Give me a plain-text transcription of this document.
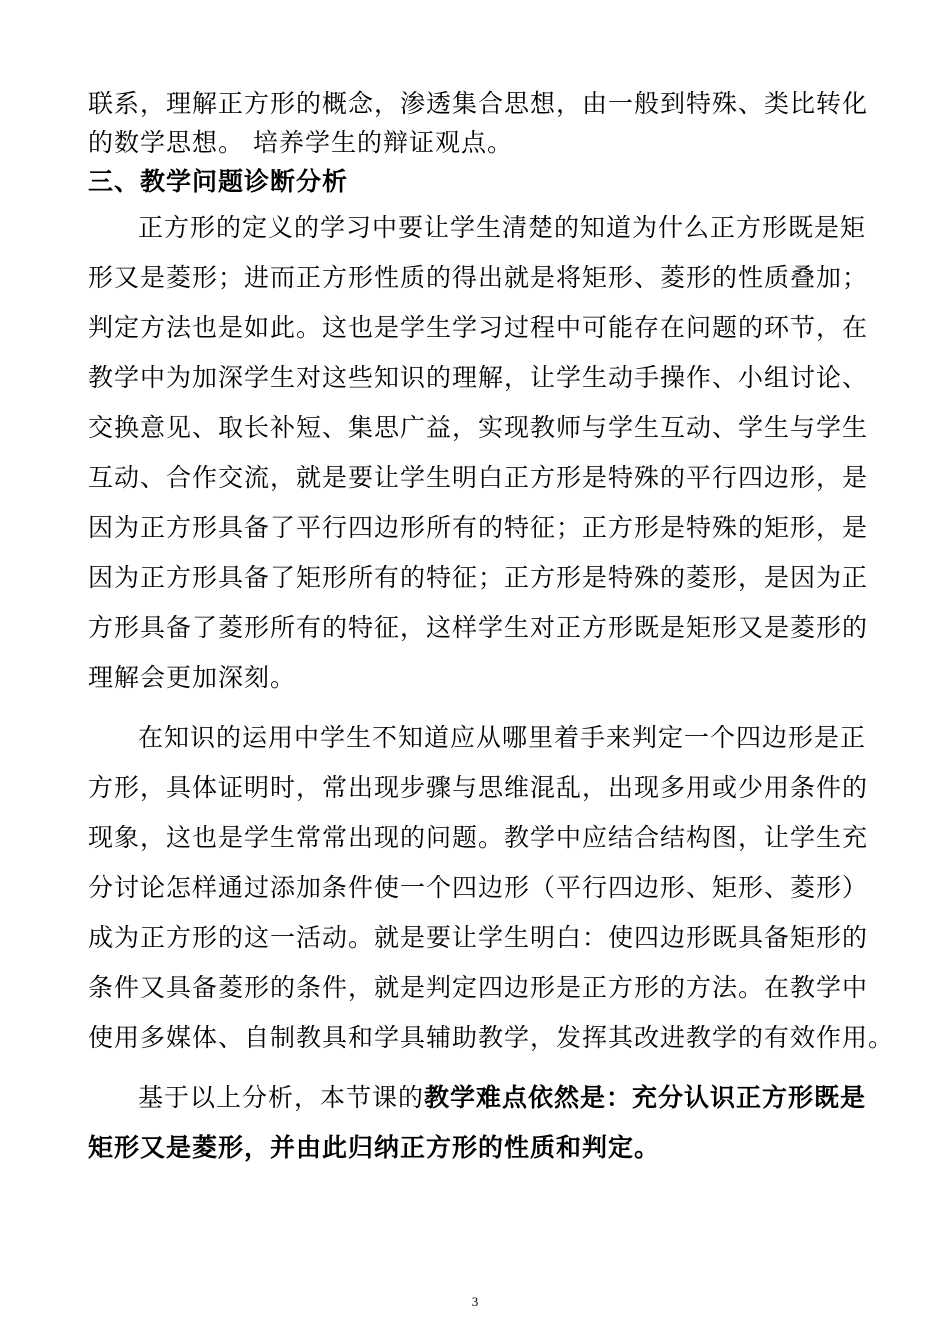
联系，理解正方形的概念，渗透集合思想，由一般到特殊、类比转化
的数学思想。 培养学生的辩证观点。
三、教学问题诊断分析
正方形的定义的学习中要让学生清楚的知道为什么正方形既是矩
形又是菱形；进而正方形性质的得出就是将矩形、菱形的性质叠加；
判定方法也是如此。这也是学生学习过程中可能存在问题的环节，在
教学中为加深学生对这些知识的理解，让学生动手操作、小组讨论、
交换意见、取长补短、集思广益，实现教师与学生互动、学生与学生
互动、合作交流，就是要让学生明白正方形是特殊的平行四边形，是
因为正方形具备了平行四边形所有的特征；正方形是特殊的矩形，是
因为正方形具备了矩形所有的特征；正方形是特殊的菱形，是因为正
方形具备了菱形所有的特征，这样学生对正方形既是矩形又是菱形的
理解会更加深刻。
在知识的运用中学生不知道应从哪里着手来判定一个四边形是正
方形，具体证明时，常出现步骤与思维混乱，出现多用或少用条件的
现象，这也是学生常常出现的问题。教学中应结合结构图，让学生充
分讨论怎样通过添加条件使一个四边形（平行四边形、矩形、菱形）
成为正方形的这一活动。就是要让学生明白：使四边形既具备矩形的
条件又具备菱形的条件，就是判定四边形是正方形的方法。在教学中
使用多媒体、自制教具和学具辅助教学，发挥其改进教学的有效作用。
基于以上分析，本节课的教学难点依然是：充分认识正方形既是
矩形又是菱形，并由此归纳正方形的性质和判定。
3
